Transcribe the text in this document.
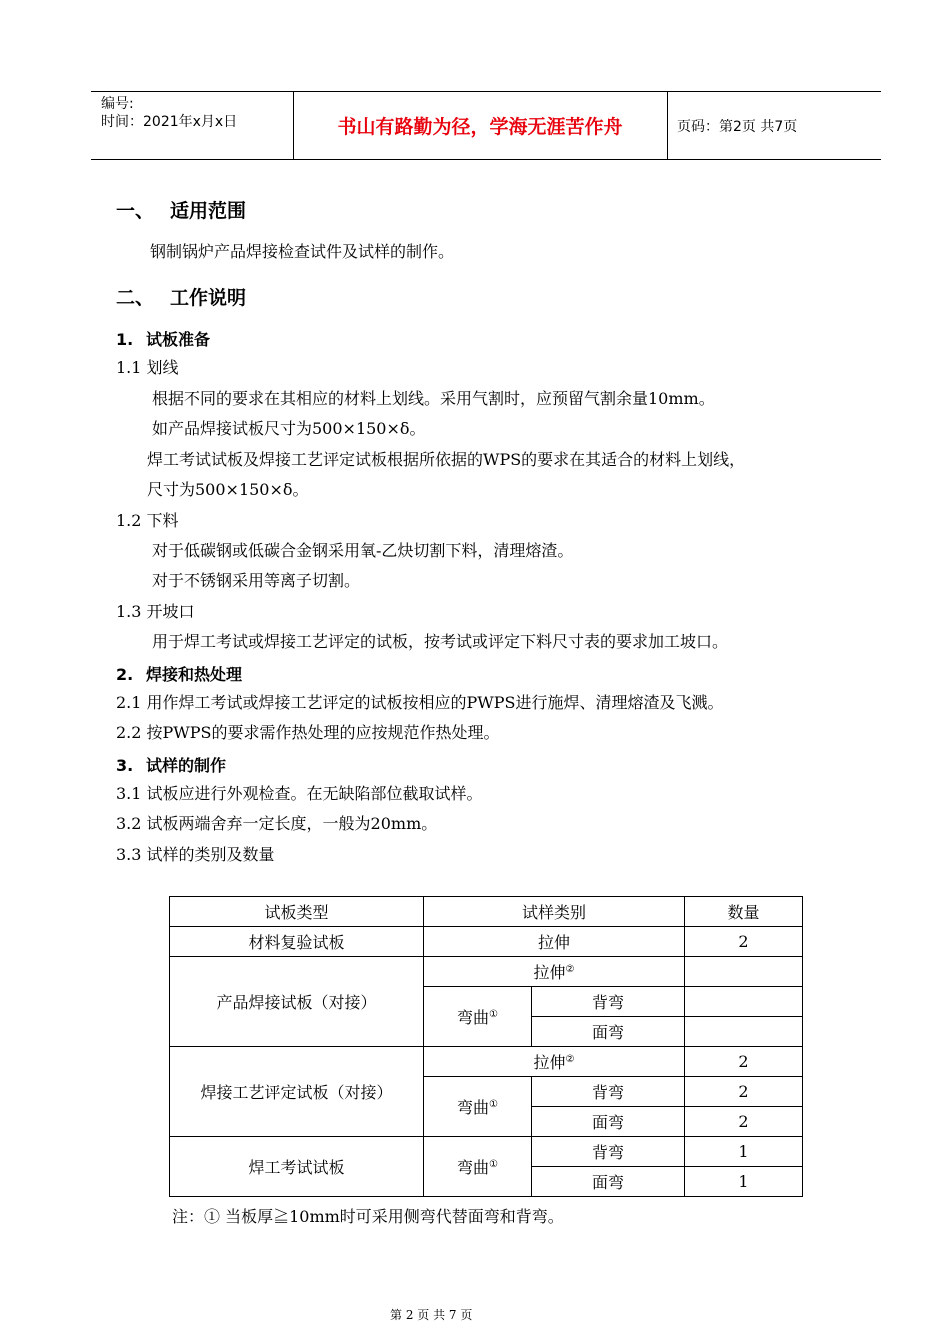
编号:
时间：2021年x月x日	书山有路勤为径，学海无涯苦作舟	页码：第2页 共7页
一、 适用范围
钢制锅炉产品焊接检查试件及试样的制作。
二、 工作说明
1. 试板准备
1.1 划线
根据不同的要求在其相应的材料上划线。采用气割时，应预留气割余量10mm。
如产品焊接试板尺寸为500×150×δ。
焊工考试试板及焊接工艺评定试板根据所依据的WPS的要求在其适合的材料上划线，
尺寸为500×150×δ。
1.2 下料
对于低碳钢或低碳合金钢采用氧-乙炔切割下料，清理熔渣。
对于不锈钢采用等离子切割。
1.3 开坡口
用于焊工考试或焊接工艺评定的试板，按考试或评定下料尺寸表的要求加工坡口。
2. 焊接和热处理
2.1 用作焊工考试或焊接工艺评定的试板按相应的PWPS进行施焊、清理熔渣及飞溅。
2.2 按PWPS的要求需作热处理的应按规范作热处理。
3. 试样的制作
3.1 试板应进行外观检查。在无缺陷部位截取试样。
3.2 试板两端舍弃一定长度，一般为20mm。
3.3 试样的类别及数量
试板类型	试样类别		数量
材料复验试板	拉伸		2
产品焊接试板（对接）	拉伸②	
	弯曲①	背弯	
		面弯	
焊接工艺评定试板（对接）	拉伸②		2
	弯曲①	背弯	2
		面弯	2
焊工考试试板	弯曲①	背弯	1
		面弯	1
注：① 当板厚≧10mm时可采用侧弯代替面弯和背弯。
第 2 页 共 7 页
